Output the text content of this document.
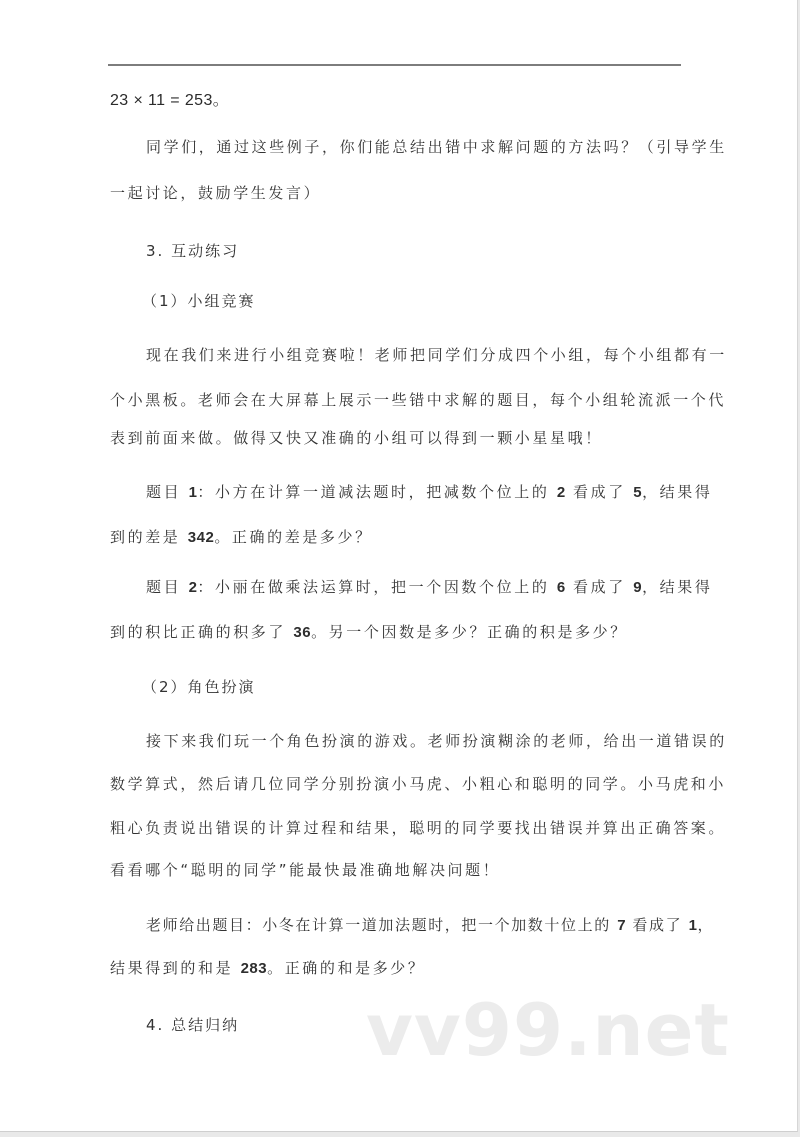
23 × 11 = 253。
同学们，通过这些例子，你们能总结出错中求解问题的方法吗？（引导学生
一起讨论，鼓励学生发言）
3. 互动练习
（1）小组竞赛
现在我们来进行小组竞赛啦！老师把同学们分成四个小组，每个小组都有一
个小黑板。老师会在大屏幕上展示一些错中求解的题目，每个小组轮流派一个代
表到前面来做。做得又快又准确的小组可以得到一颗小星星哦！
题目 1：小方在计算一道减法题时，把减数个位上的 2 看成了 5，结果得
到的差是 342。正确的差是多少？
题目 2：小丽在做乘法运算时，把一个因数个位上的 6 看成了 9，结果得
到的积比正确的积多了 36。另一个因数是多少？正确的积是多少？
（2）角色扮演
接下来我们玩一个角色扮演的游戏。老师扮演糊涂的老师，给出一道错误的
数学算式，然后请几位同学分别扮演小马虎、小粗心和聪明的同学。小马虎和小
粗心负责说出错误的计算过程和结果，聪明的同学要找出错误并算出正确答案。
看看哪个“聪明的同学”能最快最准确地解决问题！
老师给出题目：小冬在计算一道加法题时，把一个加数十位上的 7 看成了 1，
结果得到的和是 283。正确的和是多少？
4. 总结归纳	vv99.net
